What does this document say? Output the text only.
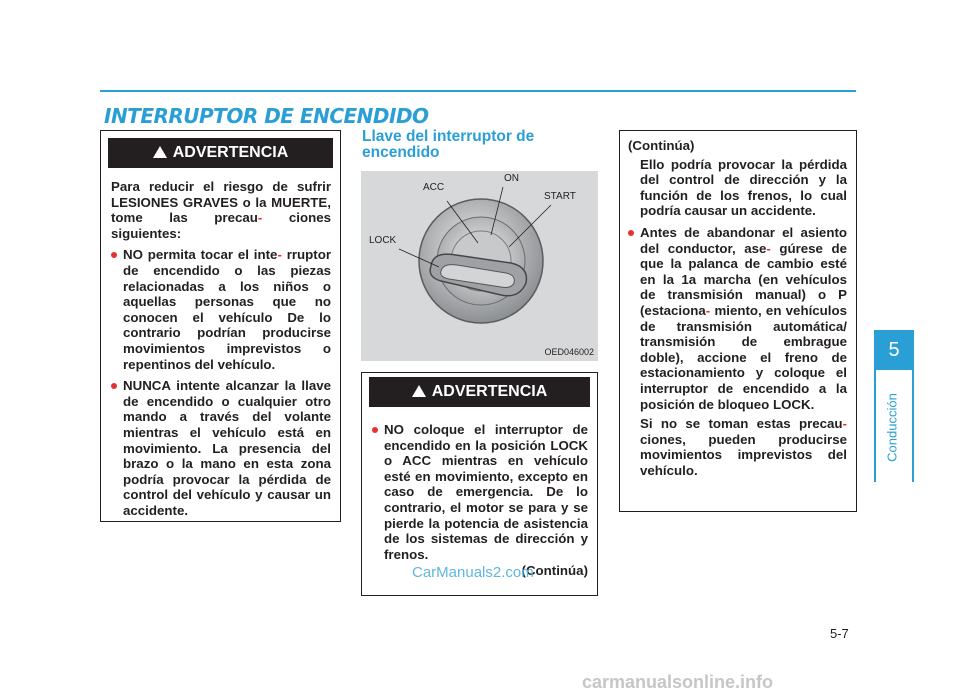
INTERRUPTOR DE ENCENDIDO
5
Conducción
!ADVERTENCIA

Para reducir el riesgo de sufrir LESIONES GRAVES o la MUERTE, tome las precau- ciones siguientes:

NO permita tocar el inte- rruptor de encendido o las piezas relacionadas a los niños o aquellas personas que no conocen el vehículo De lo contrario podrían producirse movimientos imprevistos o repentinos del vehículo.
NUNCA intente alcanzar la llave de encendido o cualquier otro mando a través del volante mientras el vehículo está en movimiento. La presencia del brazo o la mano en esta zona podría provocar la pérdida de control del vehículo y causar un accidente.
Llave del interruptor de
encendido
ACC
ON
START
LOCK
OED046002
!ADVERTENCIA
NO coloque el interruptor de encendido en la posición LOCK o ACC mientras en vehículo esté en movimiento, excepto en caso de emergencia. De lo contrario, el motor se para y se pierde la potencia de asistencia de los sistemas de dirección y frenos.
(Continúa)

(Continúa)

Ello podría provocar la pérdida del control de dirección y la función de los frenos, lo cual podría causar un accidente.

Antes de abandonar el asiento del conductor, ase- gúrese de que la palanca de cambio esté en la 1a marcha (en vehículos de transmisión manual) o P (estaciona- miento, en vehículos de transmisión automática/ transmisión de embrague doble), accione el freno de estacionamiento y coloque el interruptor de encendido a la posición de bloqueo LOCK.

Si no se toman estas precau- ciones, pueden producirse movimientos imprevistos del vehículo.

CarManuals2.com
5-7
carmanualsonline.info
